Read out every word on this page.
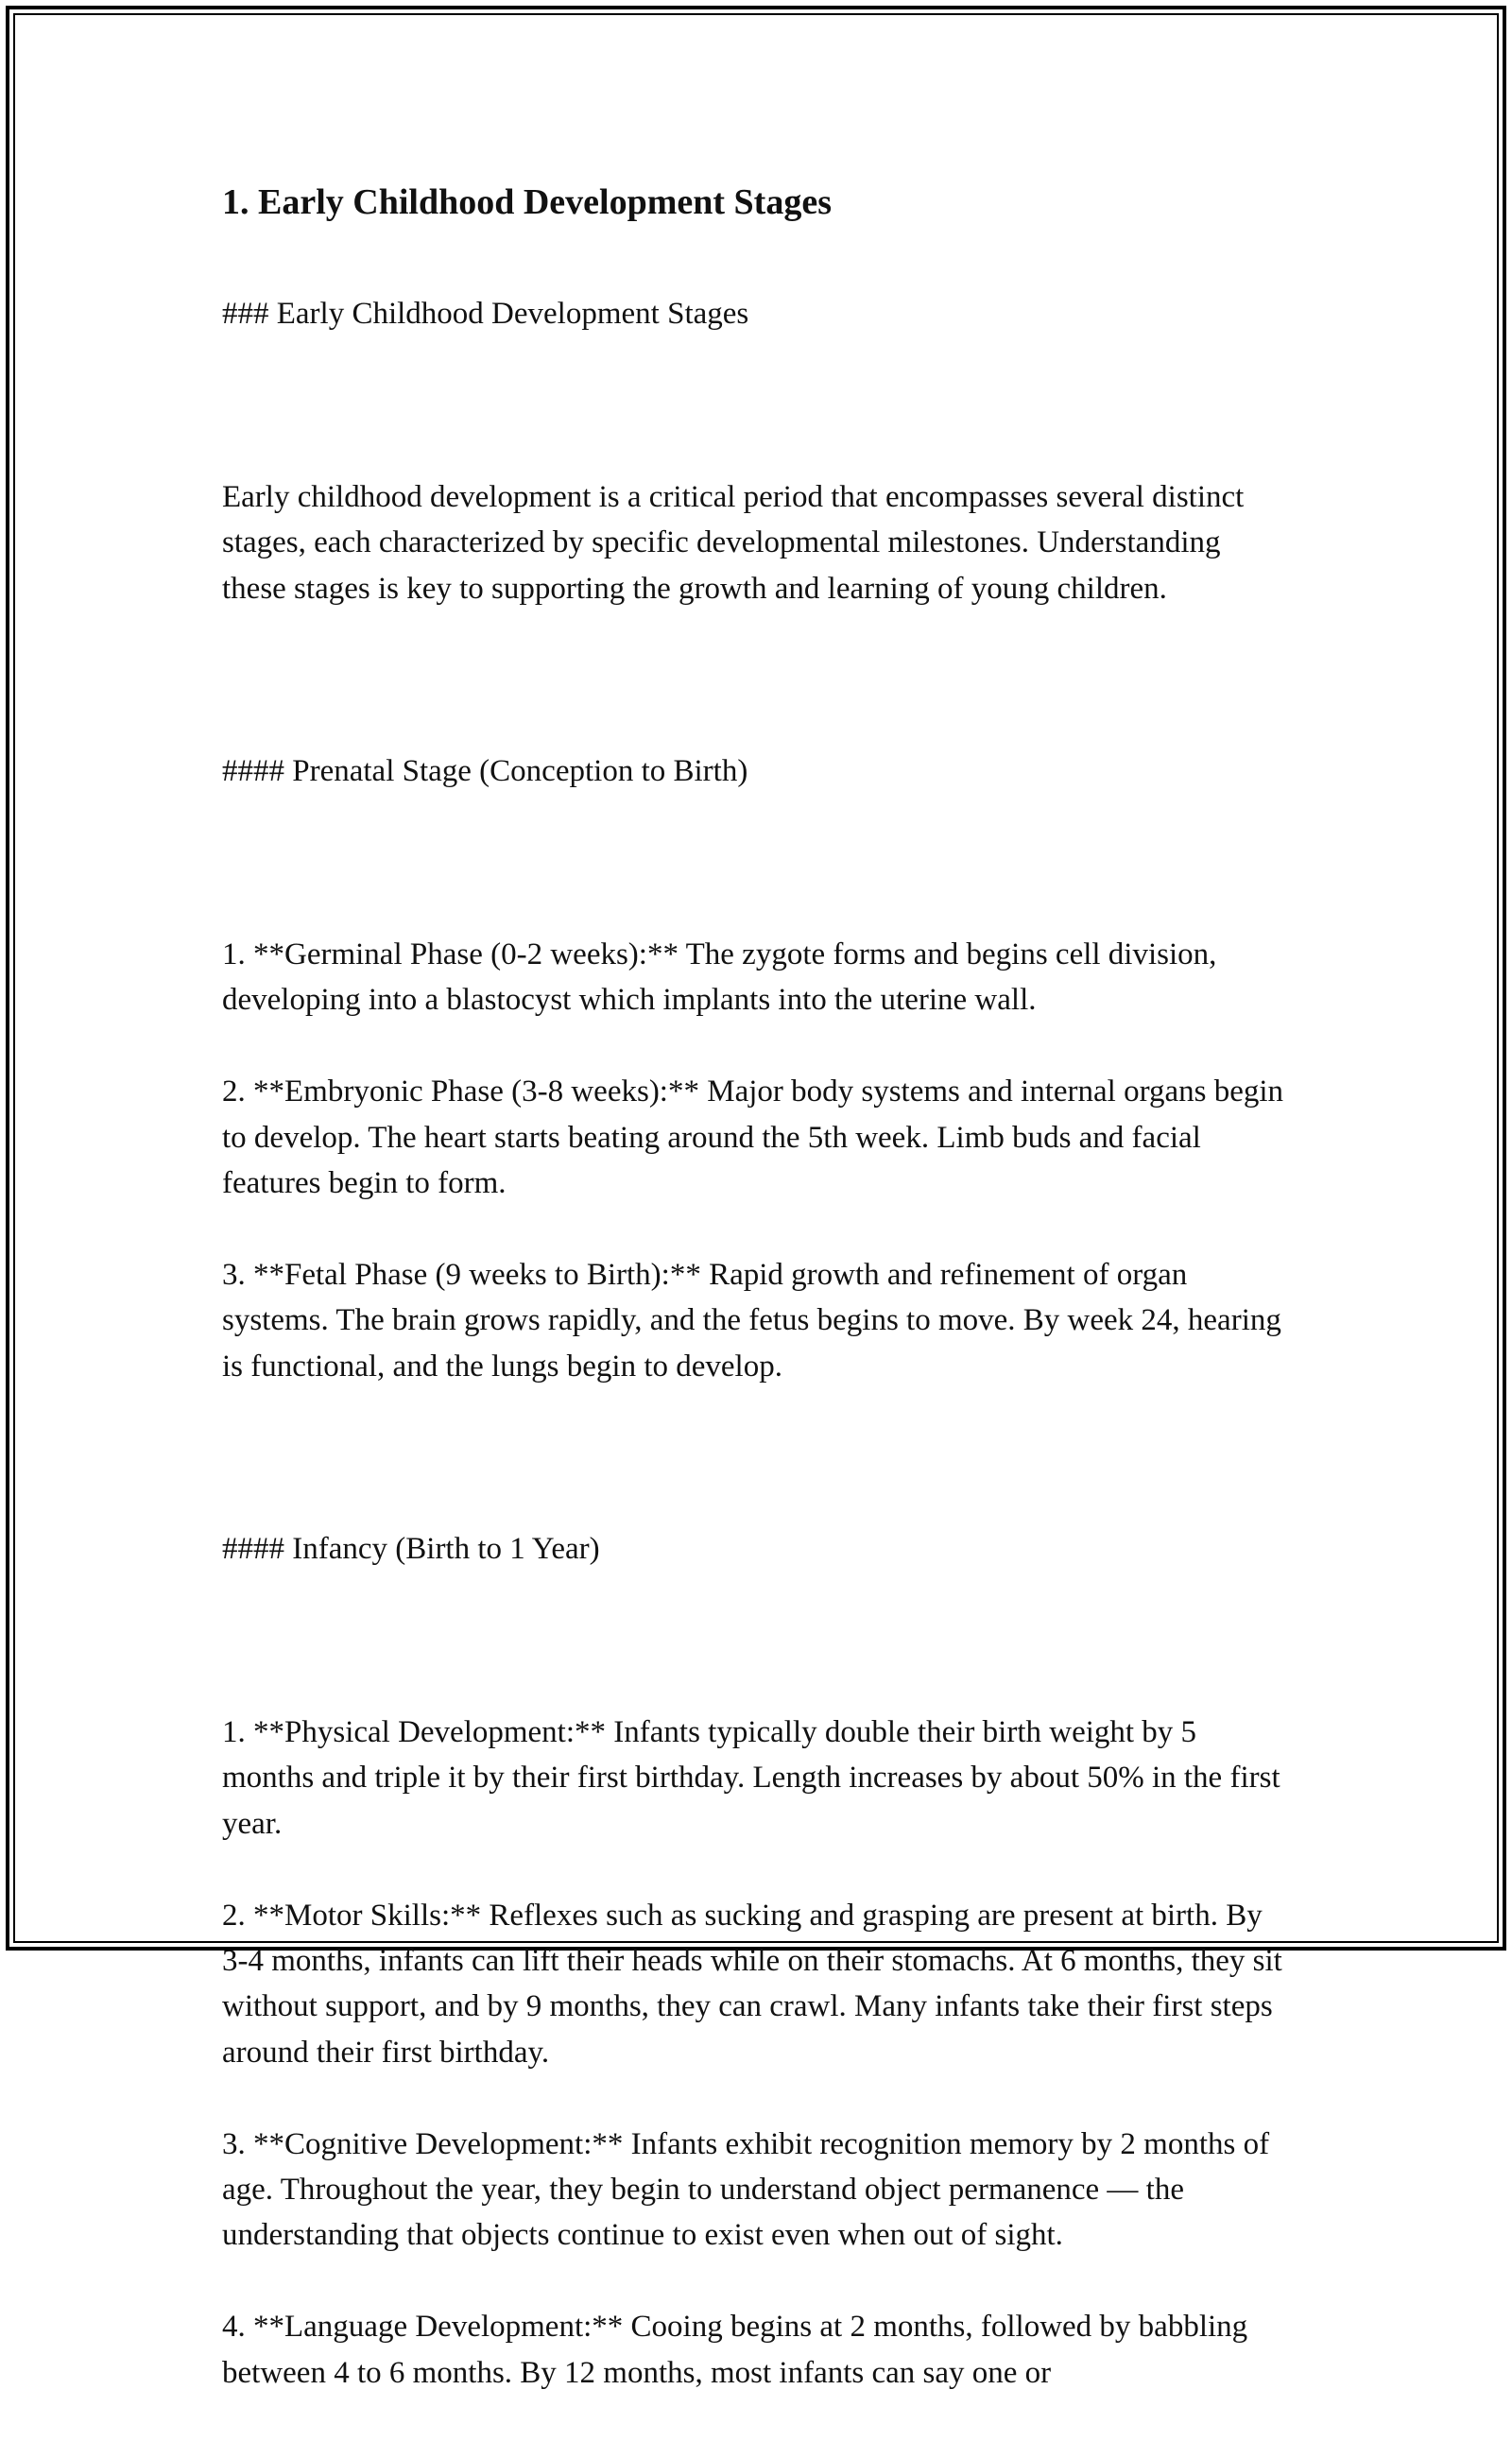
1. Early Childhood Development Stages

### Early Childhood Development Stages

Early childhood development is a critical period that encompasses several distinct stages, each characterized by specific developmental milestones. Understanding these stages is key to supporting the growth and learning of young children.

#### Prenatal Stage (Conception to Birth)

1. **Germinal Phase (0-2 weeks):** The zygote forms and begins cell division, developing into a blastocyst which implants into the uterine wall.

2. **Embryonic Phase (3-8 weeks):** Major body systems and internal organs begin to develop. The heart starts beating around the 5th week. Limb buds and facial features begin to form.

3. **Fetal Phase (9 weeks to Birth):** Rapid growth and refinement of organ systems. The brain grows rapidly, and the fetus begins to move. By week 24, hearing is functional, and the lungs begin to develop.

#### Infancy (Birth to 1 Year)

1. **Physical Development:** Infants typically double their birth weight by 5 months and triple it by their first birthday. Length increases by about 50% in the first year.

2. **Motor Skills:** Reflexes such as sucking and grasping are present at birth. By 3-4 months, infants can lift their heads while on their stomachs. At 6 months, they sit without support, and by 9 months, they can crawl. Many infants take their first steps around their first birthday.

3. **Cognitive Development:** Infants exhibit recognition memory by 2 months of age. Throughout the year, they begin to understand object permanence — the understanding that objects continue to exist even when out of sight.

4. **Language Development:** Cooing begins at 2 months, followed by babbling between 4 to 6 months. By 12 months, most infants can say one or
